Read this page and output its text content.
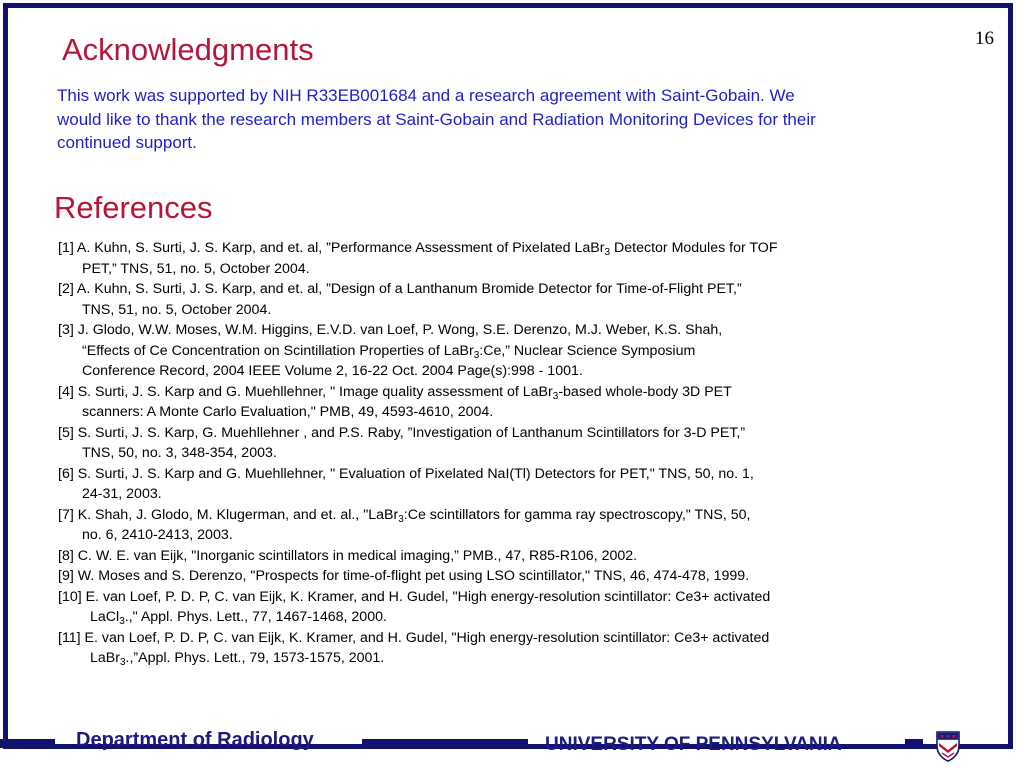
16
Acknowledgments
This work was supported by NIH R33EB001684 and a research agreement with Saint-Gobain. We
would like to thank the research members at Saint-Gobain and Radiation Monitoring Devices for their
continued support.
References
[1] A. Kuhn, S. Surti, J. S. Karp, and et. al, ”Performance Assessment of Pixelated LaBr$_3$ Detector Modules for TOF
PET,” TNS, 51, no. 5, October 2004.
[2] A. Kuhn, S. Surti, J. S. Karp, and et. al, ”Design of a Lanthanum Bromide Detector for Time-of-Flight PET,”
TNS, 51, no. 5, October 2004.
[3] J. Glodo, W.W. Moses, W.M. Higgins, E.V.D. van Loef, P. Wong, S.E. Derenzo, M.J. Weber, K.S. Shah,
“Effects of Ce Concentration on Scintillation Properties of LaBr$_3$:Ce,” Nuclear Science Symposium
Conference Record, 2004 IEEE Volume 2, 16-22 Oct. 2004 Page(s):998 - 1001.
[4] S. Surti, J. S. Karp and G. Muehllehner, " Image quality assessment of LaBr$_3$-based whole-body 3D PET
scanners: A Monte Carlo Evaluation," PMB, 49, 4593-4610, 2004.
[5] S. Surti, J. S. Karp, G. Muehllehner , and P.S. Raby, ”Investigation of Lanthanum Scintillators for 3-D PET,”
TNS, 50, no. 3, 348-354, 2003.
[6] S. Surti, J. S. Karp and G. Muehllehner, " Evaluation of Pixelated NaI(Tl) Detectors for PET," TNS, 50, no. 1,
24-31, 2003.
[7] K. Shah, J. Glodo, M. Klugerman, and et. al., "LaBr$_3$:Ce scintillators for gamma ray spectroscopy," TNS, 50,
no. 6, 2410-2413, 2003.
[8] C. W. E. van Eijk, "Inorganic scintillators in medical imaging,” PMB., 47, R85-R106, 2002.
[9] W. Moses and S. Derenzo, "Prospects for time-of-flight pet using LSO scintillator," TNS, 46, 474-478, 1999.
[10] E. van Loef, P. D. P, C. van Eijk, K. Kramer, and H. Gudel, "High energy-resolution scintillator: Ce3+ activated
LaCl$_3$.," Appl. Phys. Lett., 77, 1467-1468, 2000.
[11] E. van Loef, P. D. P, C. van Eijk, K. Kramer, and H. Gudel, "High energy-resolution scintillator: Ce3+ activated
LaBr$_3$.,”Appl. Phys. Lett., 79, 1573-1575, 2001.
Department of Radiology	UNIVERSITY OF PENNSYLVANIA
